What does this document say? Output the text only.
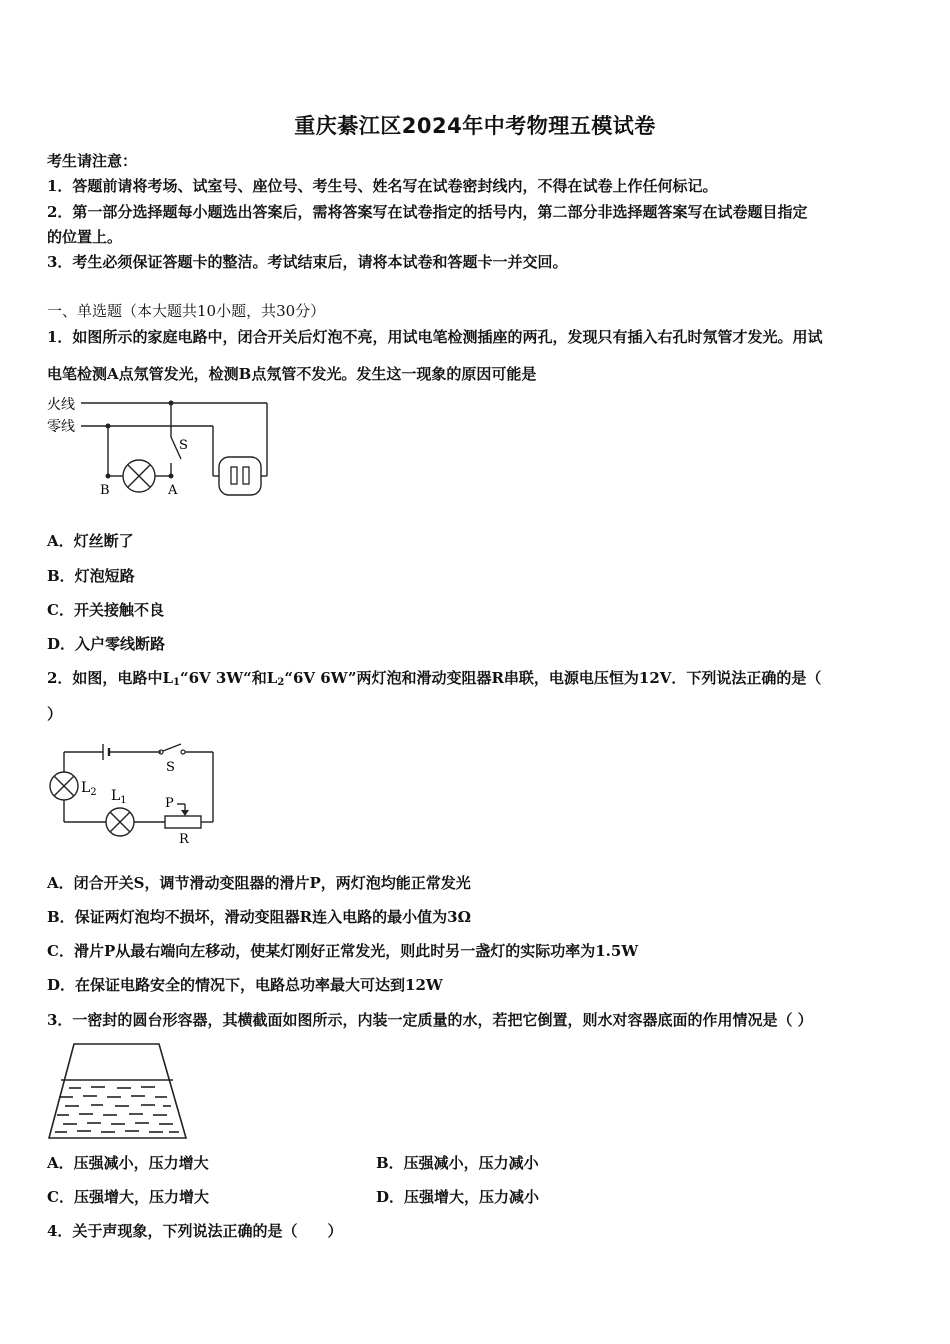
重庆綦江区2024年中考物理五模试卷
考生请注意：
1．答题前请将考场、试室号、座位号、考生号、姓名写在试卷密封线内，不得在试卷上作任何标记。
2．第一部分选择题每小题选出答案后，需将答案写在试卷指定的括号内，第二部分非选择题答案写在试卷题目指定
的位置上。
3．考生必须保证答题卡的整洁。考试结束后，请将本试卷和答题卡一并交回。
一、单选题（本大题共10小题，共30分）
1．如图所示的家庭电路中，闭合开关后灯泡不亮，用试电笔检测插座的两孔，发现只有插入右孔时氖管才发光。用试
电笔检测A点氖管发光，检测B点氖管不发光。发生这一现象的原因可能是
火线
零线
S
B	A
A．灯丝断了
B．灯泡短路
C．开关接触不良
D．入户零线断路
2．如图，电路中$L_1“6V$ 3W“和$L_2“6V$ 6W”两灯泡和滑动变阻器R串联，电源电压恒为12V．下列说法正确的是（
）
S
$L_2$ $L_1$	P
R
A．闭合开关S，调节滑动变阻器的滑片P，两灯泡均能正常发光
B．保证两灯泡均不损坏，滑动变阻器R连入电路的最小值为3Ω
C．滑片P从最右端向左移动，使某灯刚好正常发光，则此时另一盏灯的实际功率为1.5W
D．在保证电路安全的情况下，电路总功率最大可达到12W
3．一密封的圆台形容器，其横截面如图所示，内装一定质量的水，若把它倒置，则水对容器底面的作用情况是（ ）
A．压强减小，压力增大	B．压强减小，压力减小
C．压强增大，压力增大	D．压强增大，压力减小
4．关于声现象，下列说法正确的是（　　）
